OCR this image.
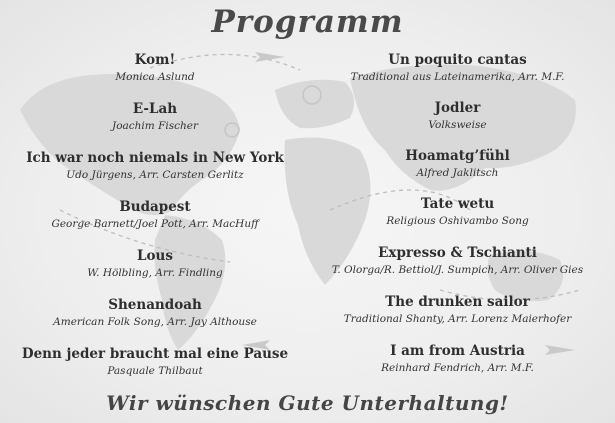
Programm
Kom!
Monica Aslund
E-Lah
Joachim Fischer
Ich war noch niemals in New York
Udo Jürgens, Arr. Carsten Gerlitz
Budapest
George Barnett/Joel Pott, Arr. MacHuff
Lous
W. Hölbling, Arr. Findling
Shenandoah
American Folk Song, Arr. Jay Althouse
Denn jeder braucht mal eine Pause
Pasquale Thilbaut
Un poquito cantas
Traditional aus Lateinamerika, Arr. M.F.
Jodler
Volksweise
Hoamatg’fühl
Alfred Jaklitsch
Tate wetu
Religious Oshivambo Song
Expresso & Tschianti
T. Olorga/R. Bettiol/J. Sumpich, Arr. Oliver Gies
The drunken sailor
Traditional Shanty, Arr. Lorenz Maierhofer
I am from Austria
Reinhard Fendrich, Arr. M.F.
Wir wünschen Gute Unterhaltung!
